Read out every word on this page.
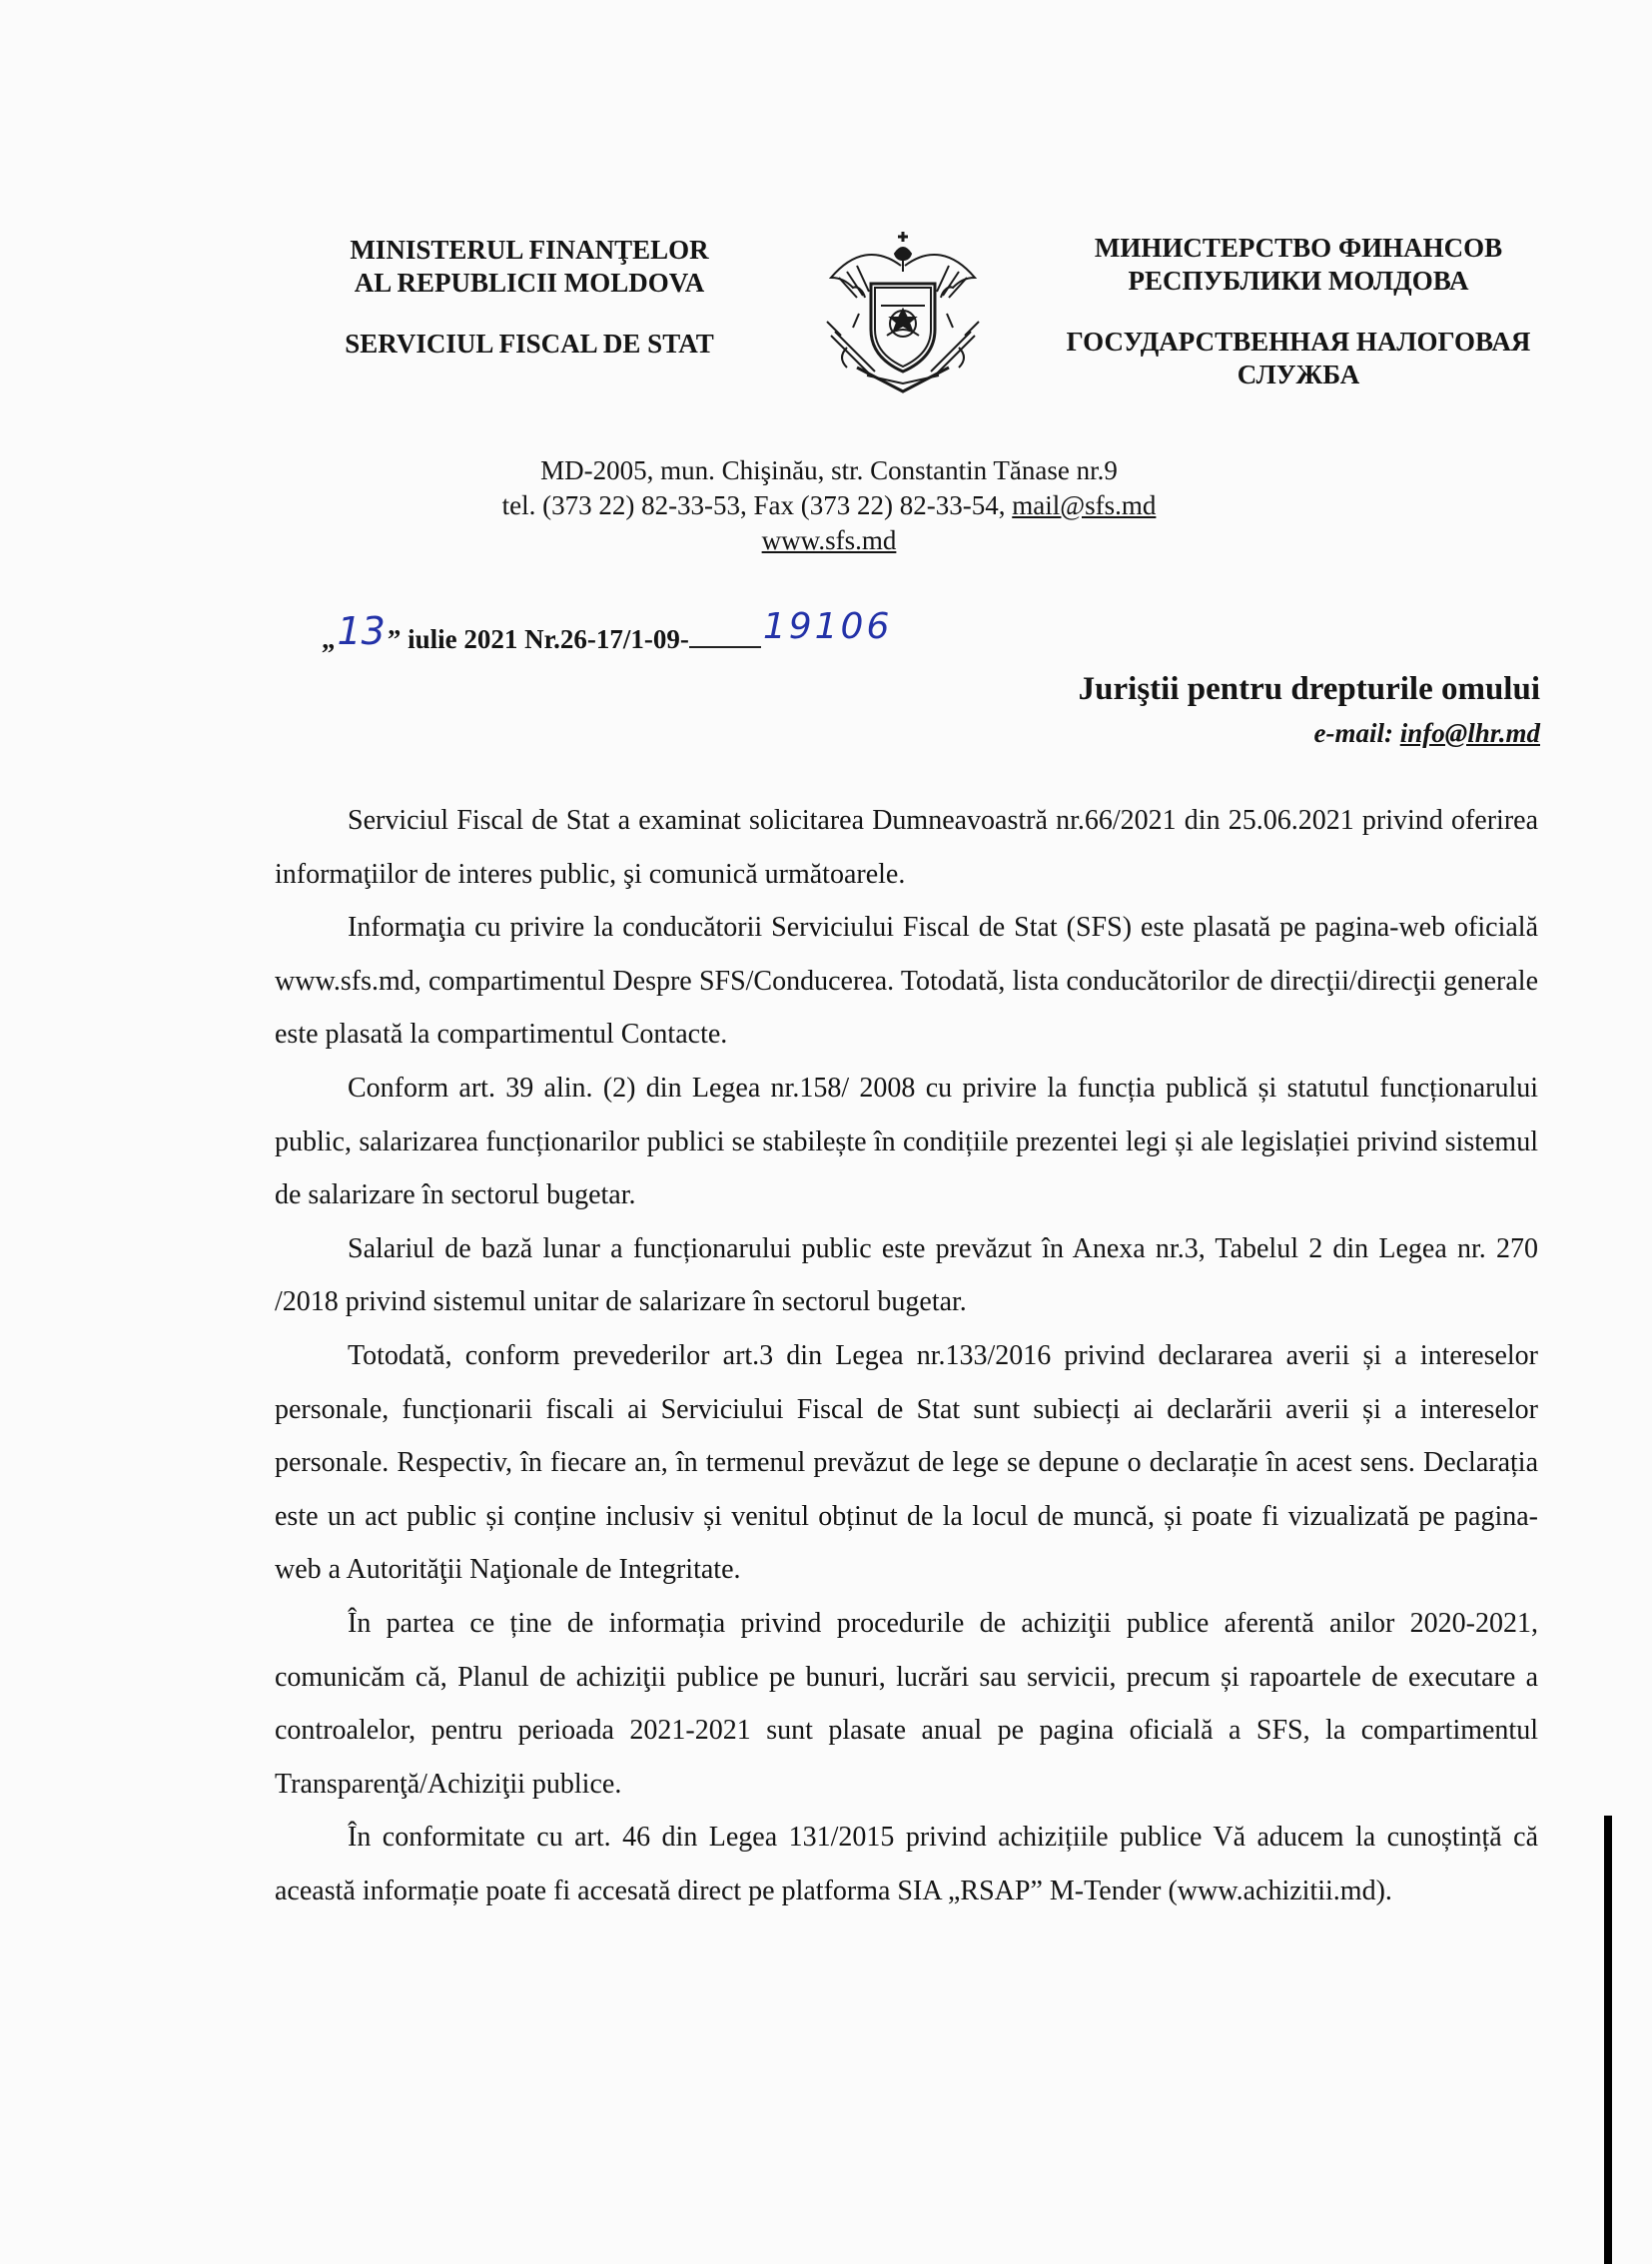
MINISTERUL FINANŢELOR
AL REPUBLICII MOLDOVA
SERVICIUL FISCAL DE STAT
МИНИСТЕРСТВО ФИНАНСОВ
РЕСПУБЛИКИ МОЛДОВА
ГОСУДАРСТВЕННАЯ НАЛОГОВАЯ
СЛУЖБА
MD-2005, mun. Chişinău, str. Constantin Tănase nr.9
tel. (373 22) 82-33-53, Fax (373 22) 82-33-54, mail@sfs.md
www.sfs.md
„13” iulie 2021 Nr.26-17/1-09- 19106
Juriştii pentru drepturile omului
e-mail: info@lhr.md

Serviciul Fiscal de Stat a examinat solicitarea Dumneavoastră nr.66/2021 din 25.06.2021 privind oferirea informaţiilor de interes public, şi comunică următoarele.

Informaţia cu privire la conducătorii Serviciului Fiscal de Stat (SFS) este plasată pe pagina-web oficială www.sfs.md, compartimentul Despre SFS/Conducerea. Totodată, lista conducătorilor de direcţii/direcţii generale este plasată la compartimentul Contacte.

Conform art. 39 alin. (2) din Legea nr.158/ 2008 cu privire la funcția publică și statutul funcționarului public, salarizarea funcționarilor publici se stabilește în condițiile prezentei legi și ale legislației privind sistemul de salarizare în sectorul bugetar.

Salariul de bază lunar a funcționarului public este prevăzut în Anexa nr.3, Tabelul 2 din Legea nr. 270 /2018 privind sistemul unitar de salarizare în sectorul bugetar.

Totodată, conform prevederilor art.3 din Legea nr.133/2016 privind declararea averii și a intereselor personale, funcționarii fiscali ai Serviciului Fiscal de Stat sunt subiecți ai declarării averii și a intereselor personale. Respectiv, în fiecare an, în termenul prevăzut de lege se depune o declarație în acest sens. Declarația este un act public și conține inclusiv și venitul obținut de la locul de muncă, și poate fi vizualizată pe pagina-web a Autorităţii Naţionale de Integritate.

În partea ce ține de informația privind procedurile de achiziţii publice aferentă anilor 2020-2021, comunicăm că, Planul de achiziţii publice pe bunuri, lucrări sau servicii, precum și rapoartele de executare a controalelor, pentru perioada 2021-2021 sunt plasate anual pe pagina oficială a SFS, la compartimentul Transparenţă/Achiziţii publice.

În conformitate cu art. 46 din Legea 131/2015 privind achizițiile publice Vă aducem la cunoștință că această informație poate fi accesată direct pe platforma SIA „RSAP” M-Tender (www.achizitii.md).
